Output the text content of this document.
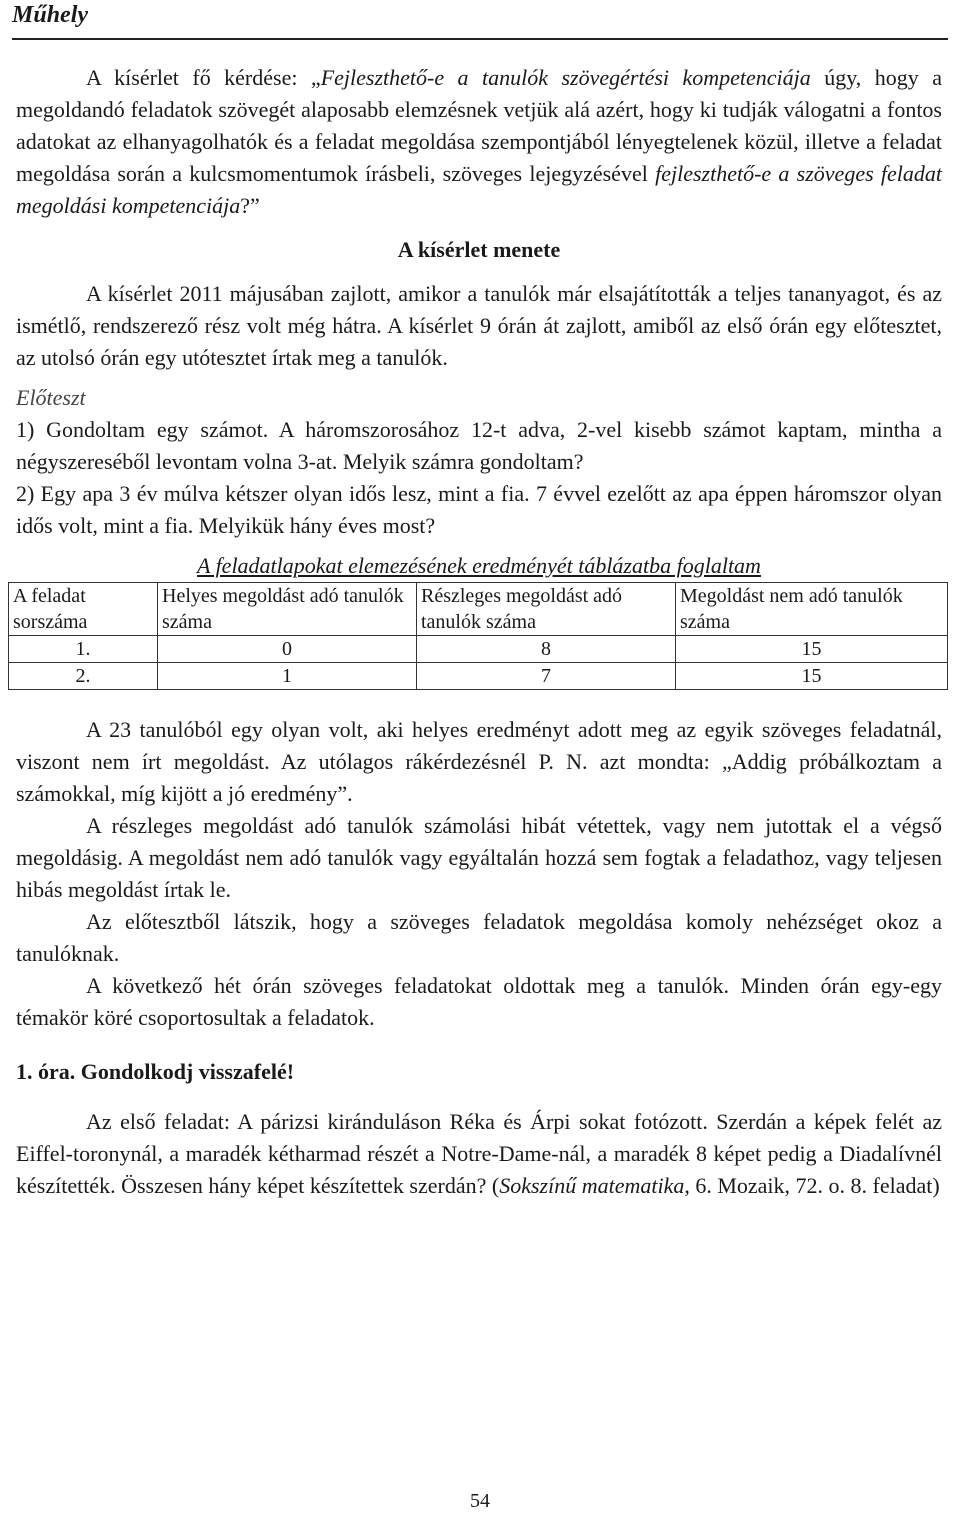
Műhely

A kísérlet fő kérdése: „Fejleszthető-e a tanulók szövegértési kompetenciája úgy, hogy a megoldandó feladatok szövegét alaposabb elemzésnek vetjük alá azért, hogy ki tudják válogatni a fontos adatokat az elhanyagolhatók és a feladat megoldása szempontjából lényegtelenek közül, illetve a feladat megoldása során a kulcsmomentumok írásbeli, szöveges lejegyzésével fejleszthető-e a szöveges feladat megoldási kompetenciája?”

A kísérlet menete

A kísérlet 2011 májusában zajlott, amikor a tanulók már elsajátították a teljes tananyagot, és az ismétlő, rendszerező rész volt még hátra. A kísérlet 9 órán át zajlott, amiből az első órán egy előtesztet, az utolsó órán egy utótesztet írtak meg a tanulók.

Előteszt

1) Gondoltam egy számot. A háromszorosához 12-t adva, 2-vel kisebb számot kaptam, mintha a négyszereséből levontam volna 3-at. Melyik számra gondoltam?

2) Egy apa 3 év múlva kétszer olyan idős lesz, mint a fia. 7 évvel ezelőtt az apa éppen háromszor olyan idős volt, mint a fia. Melyikük hány éves most?

A feladatlapokat elemezésének eredményét táblázatba foglaltam

A feladat sorszáma	Helyes megoldást adó tanulók száma	Részleges megoldást adó tanulók száma	Megoldást nem adó tanulók száma
1.	0	8	15
2.	1	7	15

A 23 tanulóból egy olyan volt, aki helyes eredményt adott meg az egyik szöveges feladatnál, viszont nem írt megoldást. Az utólagos rákérdezésnél P. N. azt mondta: „Addig próbálkoztam a számokkal, míg kijött a jó eredmény”.

A részleges megoldást adó tanulók számolási hibát vétettek, vagy nem jutottak el a végső megoldásig. A megoldást nem adó tanulók vagy egyáltalán hozzá sem fogtak a feladathoz, vagy teljesen hibás megoldást írtak le.

Az előtesztből látszik, hogy a szöveges feladatok megoldása komoly nehézséget okoz a tanulóknak.

A következő hét órán szöveges feladatokat oldottak meg a tanulók. Minden órán egy-egy témakör köré csoportosultak a feladatok.

1. óra. Gondolkodj visszafelé!

Az első feladat: A párizsi kiránduláson Réka és Árpi sokat fotózott. Szerdán a képek felét az Eiffel-toronynál, a maradék kétharmad részét a Notre-Dame-nál, a maradék 8 képet pedig a Diadalívnél készítették. Összesen hány képet készítettek szerdán? (Sokszínű matematika, 6. Mozaik, 72. o. 8. feladat)

54
